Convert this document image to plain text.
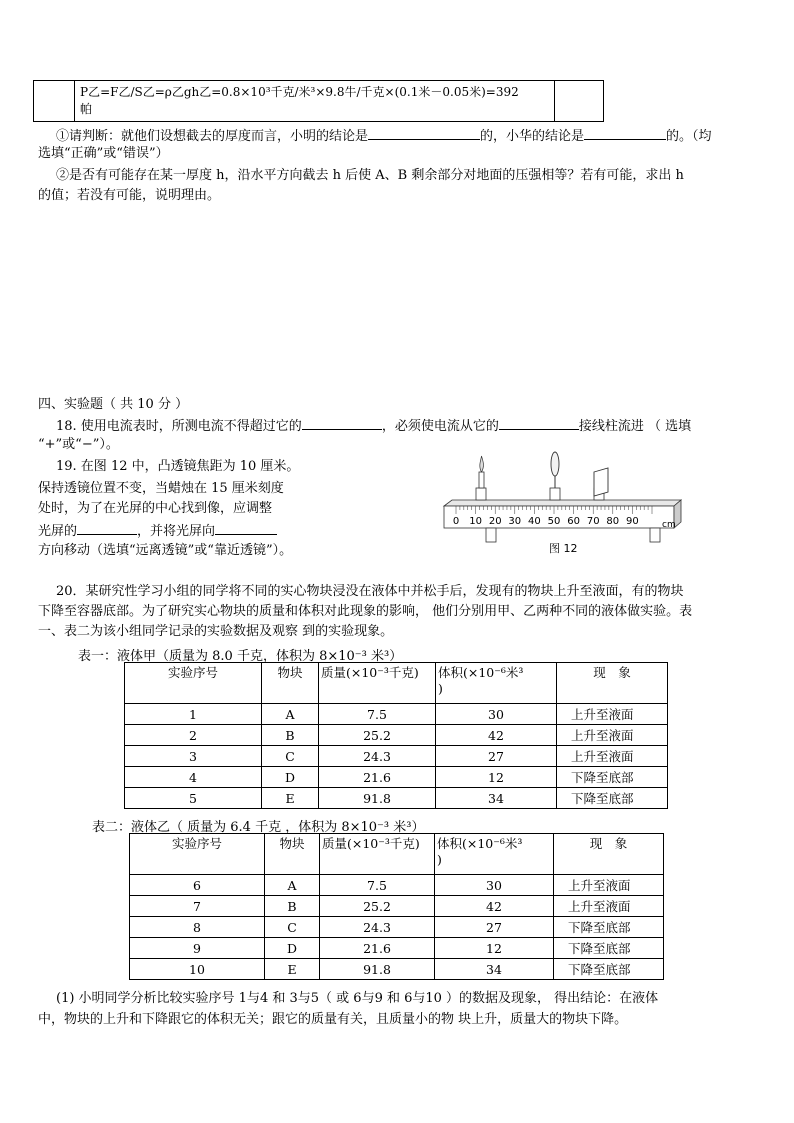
P乙=F乙/S乙=ρ乙gh乙=0.8×10³千克/米³×9.8牛/千克×(0.1米－0.05米)=392
帕
①请判断：就他们设想截去的厚度而言，小明的结论是	的，小华的结论是	的。（均
选填“正确”或“错误”）
②是否有可能存在某一厚度 h，沿水平方向截去 h 后使 A、B 剩余部分对地面的压强相等？若有可能，求出 h
的值；若没有可能，说明理由。
四、实验题（ 共 10 分 ）
18. 使用电流表时，所测电流不得超过它的	，必须使电流从它的	接线柱流进 （ 选填
“+”或“−”）。
19. 在图 12 中，凸透镜焦距为 10 厘米。
保持透镜位置不变，当蜡烛在 15 厘米刻度
处时，为了在光屏的中心找到像，应调整
光屏的	，并将光屏向
方向移动（选填“远离透镜”或“靠近透镜”）。
0 10 20 30 40 50 60 70 80 90	cm
图 12
20．某研究性学习小组的同学将不同的实心物块浸没在液体中并松手后，发现有的物块上升至液面，有的物块
下降至容器底部。为了研究实心物块的质量和体积对此现象的影响， 他们分别用甲、乙两种不同的液体做实验。表
一、表二为该小组同学记录的实验数据及观察 到的实验现象。
表一：液体甲（质量为 8.0 千克，体积为 8×10⁻³ 米³）
实验序号	物块	质量(×10⁻³千克)	体积(×10⁻⁶米³
)	现　象
1	A	7.5	30	上升至液面
2	B	25.2	42	上升至液面
3	C	24.3	27	上升至液面
4	D	21.6	12	下降至底部
5	E	91.8	34	下降至底部
表二：液体乙（ 质量为 6.4 千克 ，体积为 8×10⁻³ 米³）
实验序号	物块	质量(×10⁻³千克)	体积(×10⁻⁶米³
)	现　象
6	A	7.5	30	上升至液面
7	B	25.2	42	上升至液面
8	C	24.3	27	下降至底部
9	D	21.6	12	下降至底部
10	E	91.8	34	下降至底部
(1) 小明同学分析比较实验序号 1与4 和 3与5（ 或 6与9 和 6与10 ）的数据及现象， 得出结论：在液体
中，物块的上升和下降跟它的体积无关；跟它的质量有关，且质量小的物 块上升，质量大的物块下降。
